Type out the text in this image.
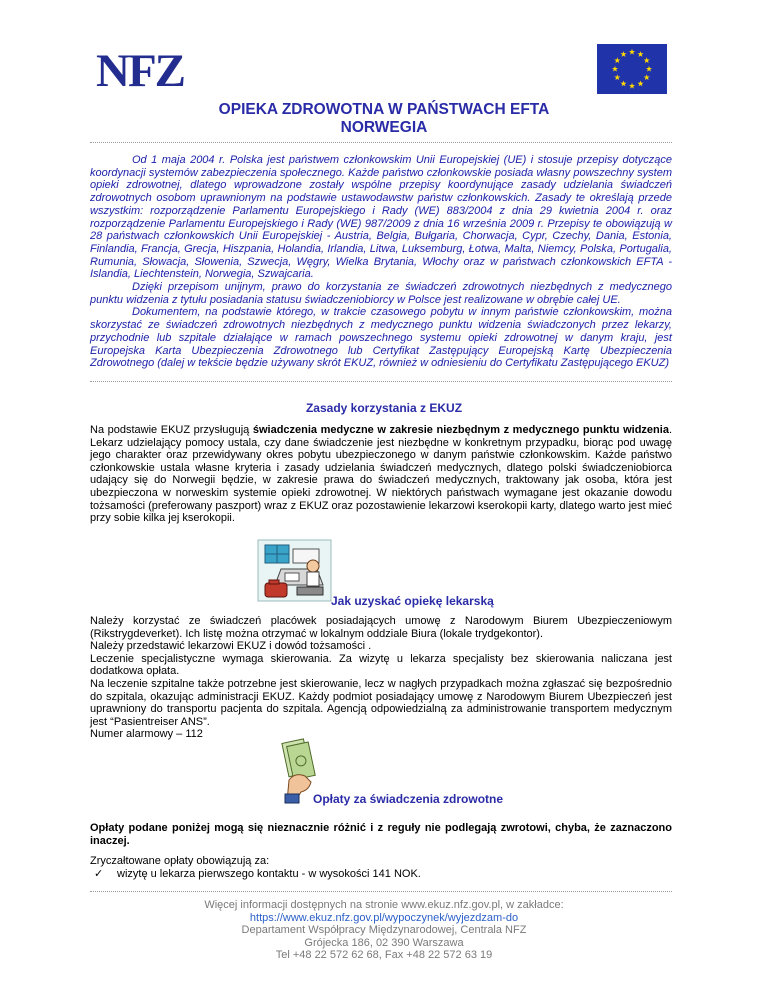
NFZ
OPIEKA ZDROWOTNA W PAŃSTWACH EFTA
NORWEGIA

Od 1 maja 2004 r. Polska jest państwem członkowskim Unii Europejskiej (UE) i stosuje przepisy dotyczące koordynacji systemów zabezpieczenia społecznego. Każde państwo członkowskie posiada własny powszechny system opieki zdrowotnej, dlatego wprowadzone zostały wspólne przepisy koordynujące zasady udzielania świadczeń zdrowotnych osobom uprawnionym na podstawie ustawodawstw państw członkowskich. Zasady te określają przede wszystkim: rozporządzenie Parlamentu Europejskiego i Rady (WE) 883/2004 z dnia 29 kwietnia 2004 r. oraz rozporządzenie Parlamentu Europejskiego i Rady (WE) 987/2009 z dnia 16 września 2009 r. Przepisy te obowiązują w 28 państwach członkowskich Unii Europejskiej - Austria, Belgia, Bułgaria, Chorwacja, Cypr, Czechy, Dania, Estonia, Finlandia, Francja, Grecja, Hiszpania, Holandia, Irlandia, Litwa, Luksemburg, Łotwa, Malta, Niemcy, Polska, Portugalia, Rumunia, Słowacja, Słowenia, Szwecja, Węgry, Wielka Brytania, Włochy oraz w państwach członkowskich EFTA - Islandia, Liechtenstein, Norwegia, Szwajcaria.

Dzięki przepisom unijnym, prawo do korzystania ze świadczeń zdrowotnych niezbędnych z medycznego punktu widzenia z tytułu posiadania statusu świadczeniobiorcy w Polsce jest realizowane w obrębie całej UE.

Dokumentem, na podstawie którego, w trakcie czasowego pobytu w innym państwie członkowskim, można skorzystać ze świadczeń zdrowotnych niezbędnych z medycznego punktu widzenia świadczonych przez lekarzy, przychodnie lub szpitale działające w ramach powszechnego systemu opieki zdrowotnej w danym kraju, jest Europejska Karta Ubezpieczenia Zdrowotnego lub Certyfikat Zastępujący Europejską Kartę Ubezpieczenia Zdrowotnego (dalej w tekście będzie używany skrót EKUZ, również w odniesieniu do Certyfikatu Zastępującego EKUZ)

Zasady korzystania z EKUZ
Na podstawie EKUZ przysługują świadczenia medyczne w zakresie niezbędnym z medycznego punktu widzenia. Lekarz udzielający pomocy ustala, czy dane świadczenie jest niezbędne w konkretnym przypadku, biorąc pod uwagę jego charakter oraz przewidywany okres pobytu ubezpieczonego w danym państwie członkowskim. Każde państwo członkowskie ustala własne kryteria i zasady udzielania świadczeń medycznych, dlatego polski świadczeniobiorca udający się do Norwegii będzie, w zakresie prawa do świadczeń medycznych, traktowany jak osoba, która jest ubezpieczona w norweskim systemie opieki zdrowotnej. W niektórych państwach wymagane jest okazanie dowodu tożsamości (preferowany paszport) wraz z EKUZ oraz pozostawienie lekarzowi kserokopii karty, dlatego warto jest mieć przy sobie kilka jej kserokopii.
Jak uzyskać opiekę lekarską

Należy korzystać ze świadczeń placówek posiadających umowę z Narodowym Biurem Ubezpieczeniowym (Rikstrygdeverket). Ich listę można otrzymać w lokalnym oddziale Biura (lokale trydgekontor).

Należy przedstawić lekarzowi EKUZ i dowód tożsamości .

Leczenie specjalistyczne wymaga skierowania. Za wizytę u lekarza specjalisty bez skierowania naliczana jest dodatkowa opłata.

Na leczenie szpitalne także potrzebne jest skierowanie, lecz w nagłych przypadkach można zgłaszać się bezpośrednio do szpitala, okazując administracji EKUZ. Każdy podmiot posiadający umowę z Narodowym Biurem Ubezpieczeń jest uprawniony do transportu pacjenta do szpitala. Agencją odpowiedzialną za administrowanie transportem medycznym jest “Pasientreiser ANS”.

Numer alarmowy – 112

Opłaty za świadczenia zdrowotne
Opłaty podane poniżej mogą się nieznacznie różnić i z reguły nie podlegają zwrotowi, chyba, że zaznaczono inaczej.
Zryczałtowane opłaty obowiązują za:
✓ wizytę u lekarza pierwszego kontaktu - w wysokości 141 NOK.
Więcej informacji dostępnych na stronie www.ekuz.nfz.gov.pl, w zakładce:
https://www.ekuz.nfz.gov.pl/wypoczynek/wyjezdzam-do
Departament Współpracy Międzynarodowej, Centrala NFZ
Grójecka 186, 02 390 Warszawa
Tel +48 22 572 62 68, Fax +48 22 572 63 19
